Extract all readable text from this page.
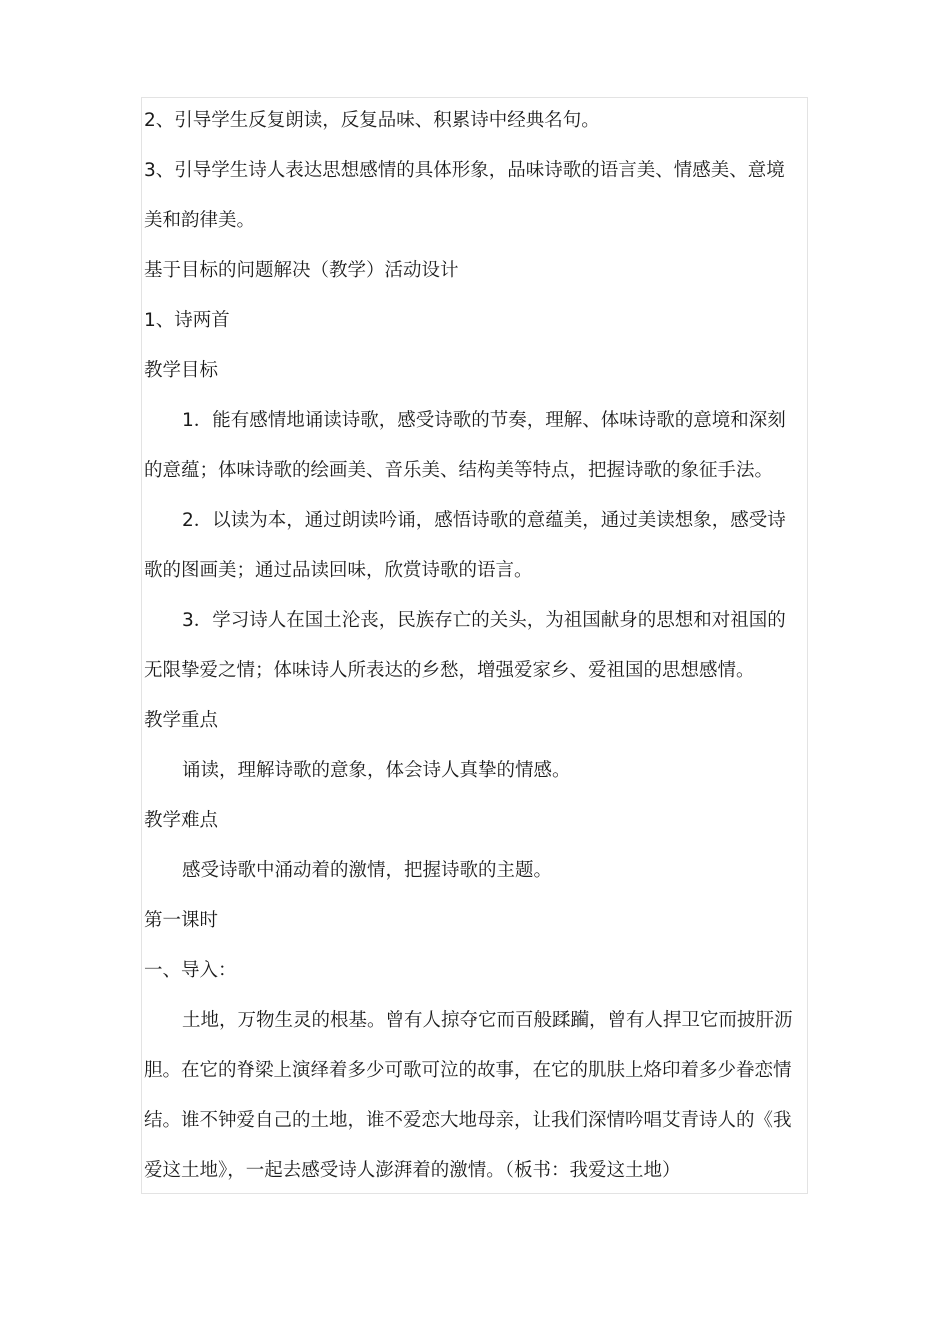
2、引导学生反复朗读，反复品味、积累诗中经典名句。
3、引导学生诗人表达思想感情的具体形象，品味诗歌的语言美、情感美、意境
美和韵律美。
基于目标的问题解决（教学）活动设计
1、诗两首
教学目标
1．能有感情地诵读诗歌，感受诗歌的节奏，理解、体味诗歌的意境和深刻
的意蕴；体味诗歌的绘画美、音乐美、结构美等特点，把握诗歌的象征手法。
2．以读为本，通过朗读吟诵，感悟诗歌的意蕴美，通过美读想象，感受诗
歌的图画美；通过品读回味，欣赏诗歌的语言。
3．学习诗人在国土沦丧，民族存亡的关头，为祖国献身的思想和对祖国的
无限挚爱之情；体味诗人所表达的乡愁，增强爱家乡、爱祖国的思想感情。
教学重点
诵读，理解诗歌的意象，体会诗人真挚的情感。
教学难点
感受诗歌中涌动着的激情，把握诗歌的主题。
第一课时
一、导入：
土地，万物生灵的根基。曾有人掠夺它而百般蹂躏，曾有人捍卫它而披肝沥
胆。在它的脊梁上演绎着多少可歌可泣的故事，在它的肌肤上烙印着多少眷恋情
结。谁不钟爱自己的土地，谁不爱恋大地母亲，让我们深情吟唱艾青诗人的《我
爱这土地》，一起去感受诗人澎湃着的激情。（板书：我爱这土地）
